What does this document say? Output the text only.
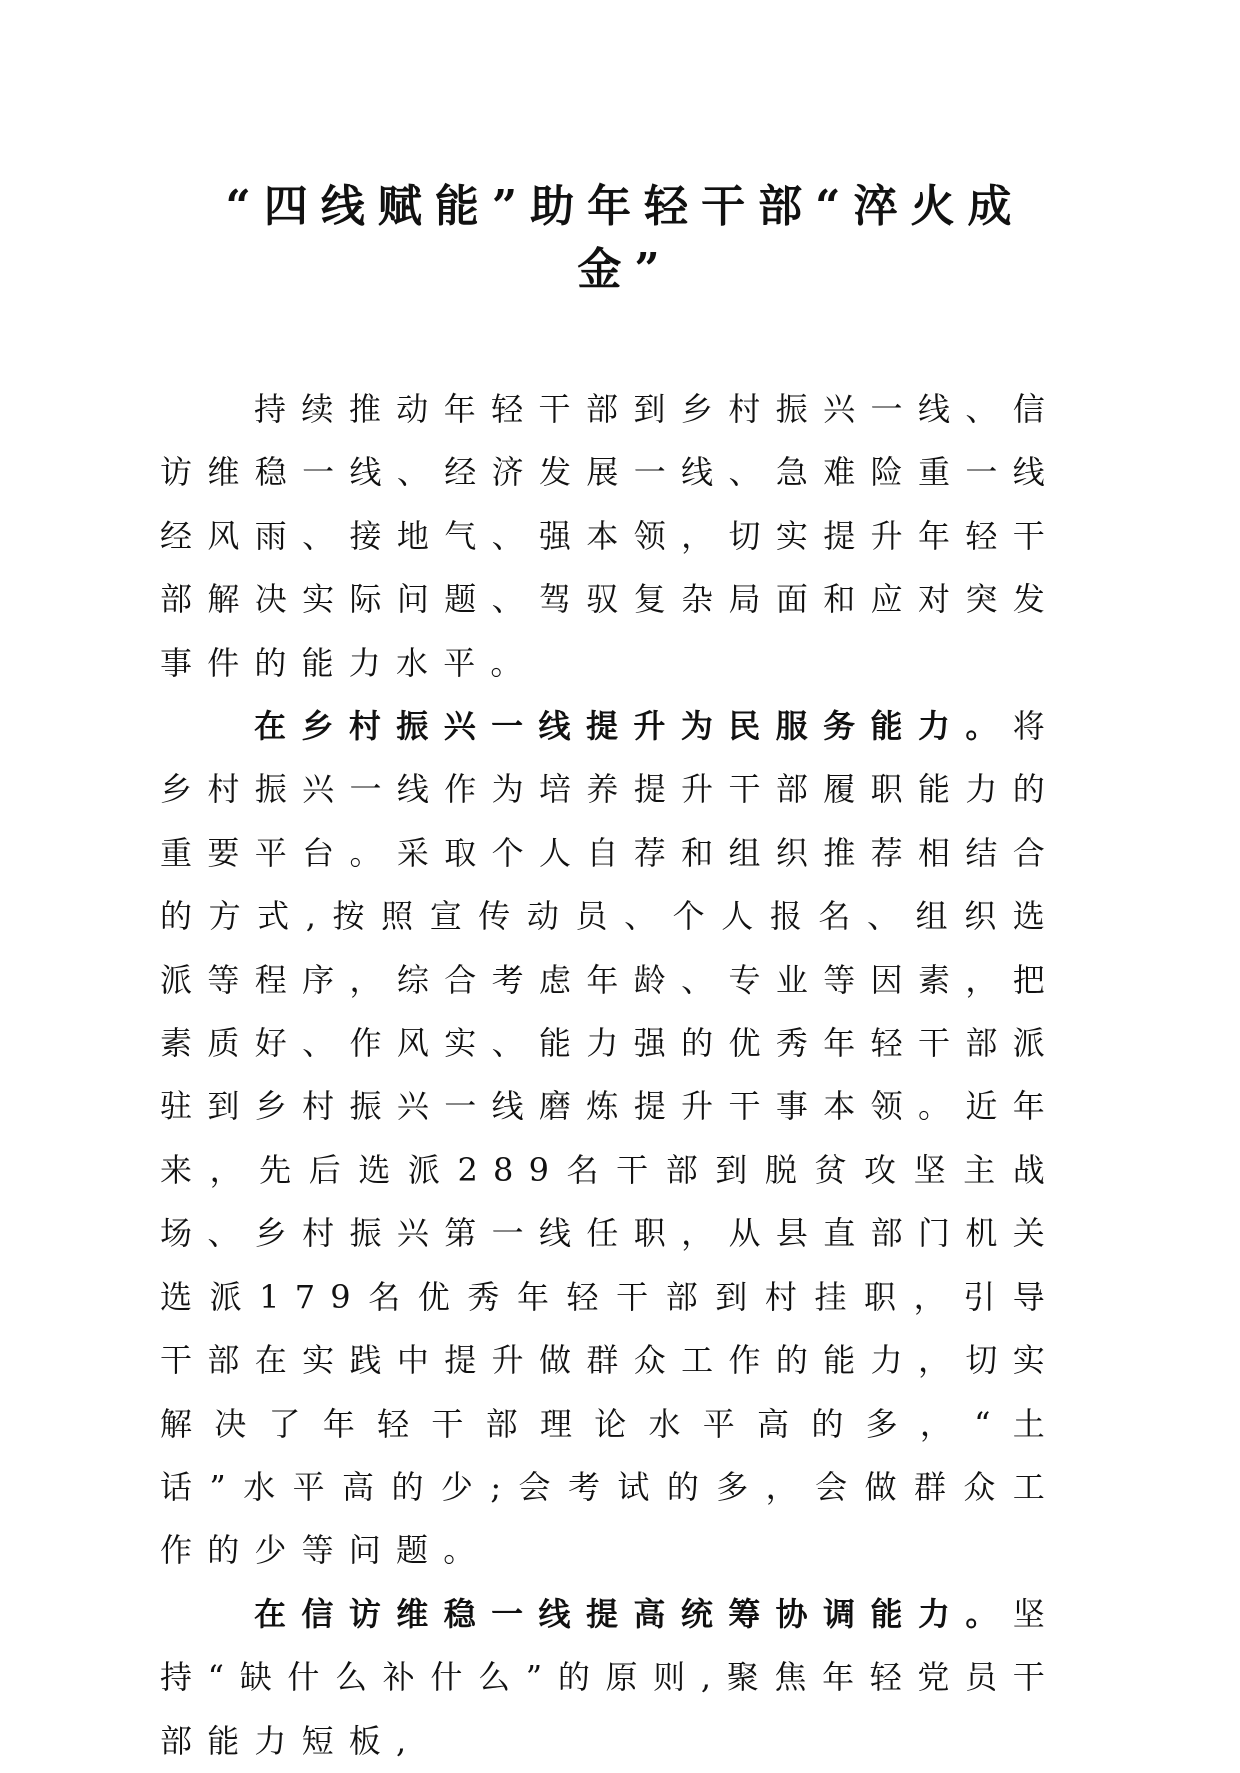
“四线赋能”助年轻干部“淬火成金”

持续推动年轻干部到乡村振兴一线、信访维稳一线、经济发展一线、急难险重一线经风雨、接地气、强本领，切实提升年轻干部解决实际问题、驾驭复杂局面和应对突发事件的能力水平。

在乡村振兴一线提升为民服务能力。将乡村振兴一线作为培养提升干部履职能力的重要平台。采取个人自荐和组织推荐相结合的方式,按照宣传动员、个人报名、组织选派等程序，综合考虑年龄、专业等因素，把素质好、作风实、能力强的优秀年轻干部派驻到乡村振兴一线磨炼提升干事本领。近年来，先后选派289名干部到脱贫攻坚主战场、乡村振兴第一线任职，从县直部门机关选派179名优秀年轻干部到村挂职，引导干部在实践中提升做群众工作的能力，切实解决了年轻干部理论水平高的多，“土话”水平高的少;会考试的多，会做群众工作的少等问题。

在信访维稳一线提高统筹协调能力。坚持“缺什么补什么”的原则,聚焦年轻党员干部能力短板,
